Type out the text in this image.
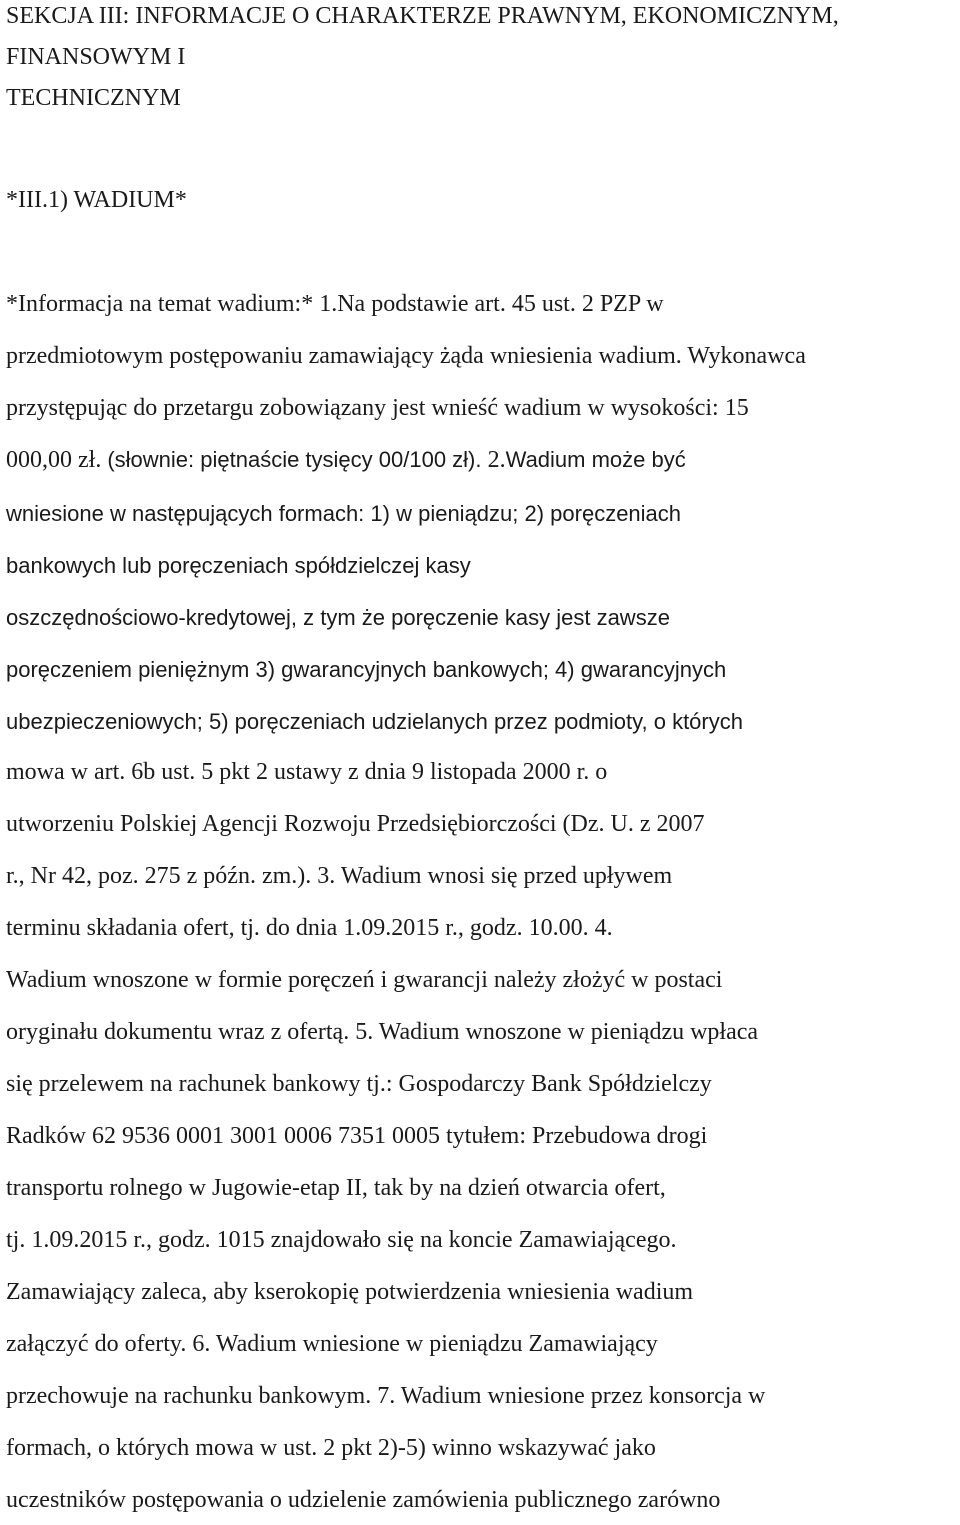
SEKCJA III: INFORMACJE O CHARAKTERZE PRAWNYM, EKONOMICZNYM,
FINANSOWYM I
TECHNICZNYM
*III.1) WADIUM*
*Informacja na temat wadium:* 1.Na podstawie art. 45 ust. 2 PZP w
przedmiotowym postępowaniu zamawiający żąda wniesienia wadium. Wykonawca
przystępując do przetargu zobowiązany jest wnieść wadium w wysokości: 15
000,00 zł. (słownie: piętnaście tysięcy 00/100 zł). 2.Wadium może być
wniesione w następujących formach: 1) w pieniądzu; 2) poręczeniach
bankowych lub poręczeniach spółdzielczej kasy
oszczędnościowo-kredytowej, z tym że poręczenie kasy jest zawsze
poręczeniem pieniężnym 3) gwarancyjnych bankowych; 4) gwarancyjnych
ubezpieczeniowych; 5) poręczeniach udzielanych przez podmioty, o których
mowa w art. 6b ust. 5 pkt 2 ustawy z dnia 9 listopada 2000 r. o
utworzeniu Polskiej Agencji Rozwoju Przedsiębiorczości (Dz. U. z 2007
r., Nr 42, poz. 275 z późn. zm.). 3. Wadium wnosi się przed upływem
terminu składania ofert, tj. do dnia 1.09.2015 r., godz. 10.00. 4.
Wadium wnoszone w formie poręczeń i gwarancji należy złożyć w postaci
oryginału dokumentu wraz z ofertą. 5. Wadium wnoszone w pieniądzu wpłaca
się przelewem na rachunek bankowy tj.: Gospodarczy Bank Spółdzielczy
Radków 62 9536 0001 3001 0006 7351 0005 tytułem: Przebudowa drogi
transportu rolnego w Jugowie-etap II, tak by na dzień otwarcia ofert,
tj. 1.09.2015 r., godz. 1015 znajdowało się na koncie Zamawiającego.
Zamawiający zaleca, aby kserokopię potwierdzenia wniesienia wadium
załączyć do oferty. 6. Wadium wniesione w pieniądzu Zamawiający
przechowuje na rachunku bankowym. 7. Wadium wniesione przez konsorcja w
formach, o których mowa w ust. 2 pkt 2)-5) winno wskazywać jako
uczestników postępowania o udzielenie zamówienia publicznego zarówno
